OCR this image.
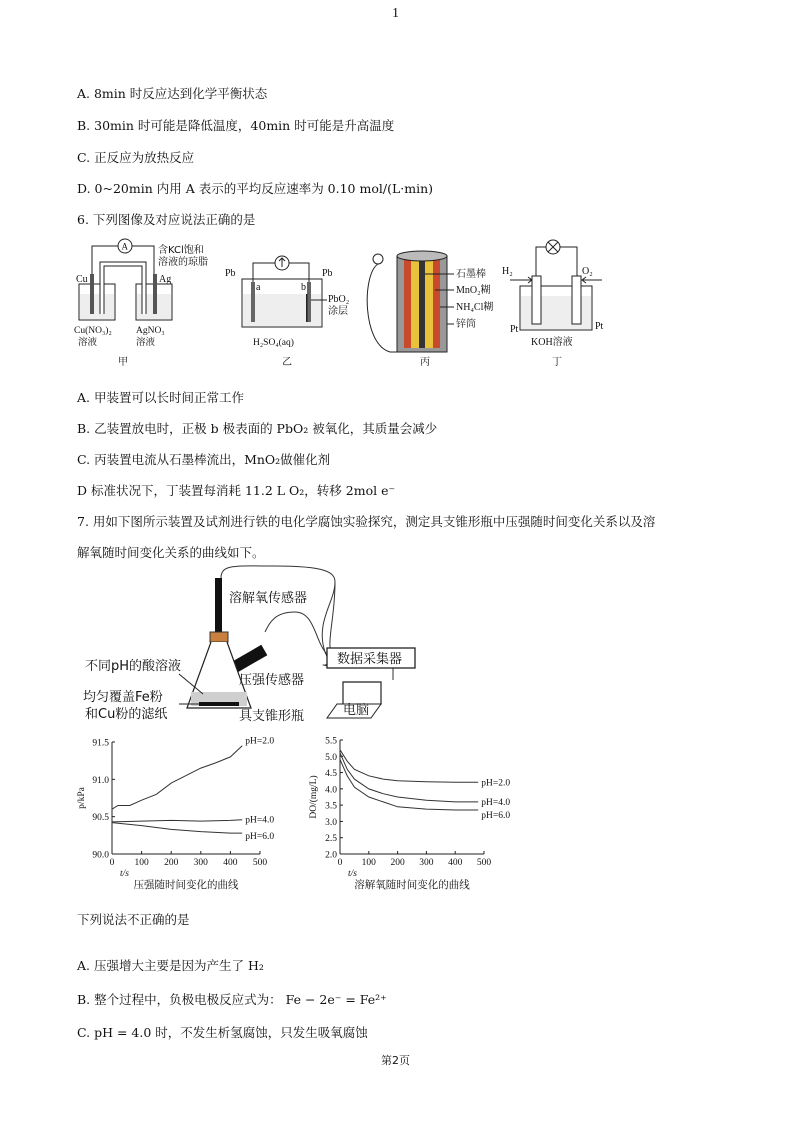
1
A. 8min 时反应达到化学平衡状态
B. 30min 时可能是降低温度，40min 时可能是升高温度
C. 正反应为放热反应
D. 0~20min 内用 A 表示的平均反应速率为 0.10 mol/(L·min)
6. 下列图像及对应说法正确的是
A	含KCl饱和
溶液的琼脂
Cu	Ag
Cu(NO₃)₂
溶液
AgNO₃
溶液
甲
Pb	Pb
a	b
PbO₂
涂层
H₂SO₄(aq)
乙
石墨棒
MnO₂糊
NH₄Cl糊
锌筒
丙
H₂	O₂
Pt	Pt
KOH溶液
丁
A. 甲装置可以长时间正常工作
B. 乙装置放电时，正极 b 极表面的 PbO₂ 被氧化，其质量会减少
C. 丙装置电流从石墨棒流出，MnO₂做催化剂
D 标准状况下，丁装置每消耗 11.2 L O₂，转移 2mol e⁻
7. 用如下图所示装置及试剂进行铁的电化学腐蚀实验探究，测定具支锥形瓶中压强随时间变化关系以及溶
解氧随时间变化关系的曲线如下。
溶解氧传感器
不同pH的酸溶液
压强传感器
数据采集器
均匀覆盖Fe粉
和Cu粉的滤纸	具支锥形瓶	电脑
0 100 200 300 400 500
90.0
90.5
91.0
91.5
t/s
p/kPa
压强随时间变化的曲线
pH=2.0
pH=4.0
pH=6.0
0 100 200 300 400 500
2.0
2.5
3.0
3.5
4.0
4.5
5.0
5.5
t/s
DO/(mg/L)
溶解氧随时间变化的曲线
pH=2.0
pH=4.0
pH=6.0
下列说法不正确的是
A. 压强增大主要是因为产生了 H₂
B. 整个过程中，负极电极反应式为： Fe − 2e⁻ = Fe²⁺
C. pH = 4.0 时，不发生析氢腐蚀，只发生吸氧腐蚀
第2页
